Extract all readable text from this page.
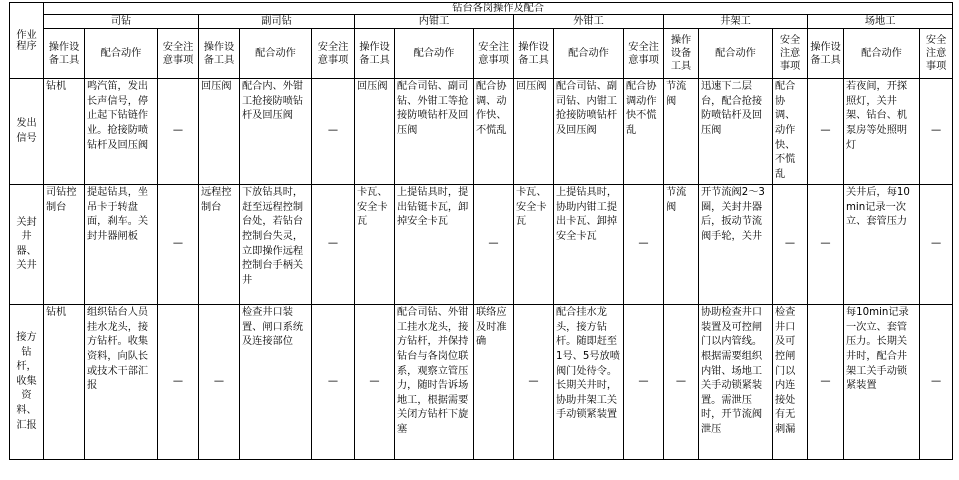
作业程序	钻台各岗操作及配合																	
	司钻			副司钻			内钳工			外钳工			井架工			场地工		
	操作设备工具	配合动作	安全注意事项	操作设备工具	配合动作	安全注意事项	操作设备工具	配合动作	安全注意事项	操作设备工具	配合动作	安全注意事项	操作设备工具	配合动作	安全注意事项	操作设备工具	配合动作	安全注意事项
发出信号	钻机	鸣汽笛，发出长声信号，停止起下钻链作业。抢接防喷钻杆及回压阀	—	回压阀	配合内、外钳工抢接防喷钻杆及回压阀	—	回压阀	配合司钻、副司钻、外钳工等抢接防喷钻杆及回压阀	配合协调、动作快、不慌乱	回压阀	配合司钻、副司钻、内钳工抢接防喷钻杆及回压阀	配合协调动作快不慌乱	节流阀	迅速下二层台，配合抢接防喷钻杆及回压阀	配合协调、动作快、不慌乱	—	若夜间，开探照灯，关井架、钻台、机泵房等处照明灯	—
关封井器、关井	司钻控制台	提起钻具，坐吊卡于转盘面，刹车。关封井器闸板	—	远程控制台	下放钻具时，赶至远程控制台处，若钻台控制台失灵，立即操作远程控制台手柄关井	—	卡瓦、安全卡瓦	上提钻具时，提出钻铤卡瓦，卸掉安全卡瓦	—	卡瓦、安全卡瓦	上提钻具时，协助内钳工提出卡瓦、卸掉安全卡瓦	—	节流阀	开节流阀2～3圈，关封井器后，扳动节流阀手轮，关井	—	—	关井后，每10min记录一次立、套管压力	—
接方钻杆，收集资料、汇报	钻机	组织钻台人员挂水龙头，接方钻杆。收集资料，向队长或技术干部汇报	—	—	检查井口装置、闸口系统及连接部位	—	—	配合司钻、外钳工挂水龙头，接方钻杆，并保持钻台与各岗位联系，观察立管压力，随时告诉场地工，根据需要关闭方钻杆下旋塞	联络应及时准确	—	配合挂水龙头，接方钻杆。随即赶至1号、5号放喷阀门处待令。长期关井时，协助井架工关手动锁紧装置	—	—	协助检查井口装置及可控闸门以内管线。根据需要组织内钳、场地工关手动锁紧装置。需泄压时，开节流阀泄压	检查井口及可控闸门以内连接处有无刺漏	—	每10min记录一次立、套管压力。长期关井时，配合井架工关手动锁紧装置	—
